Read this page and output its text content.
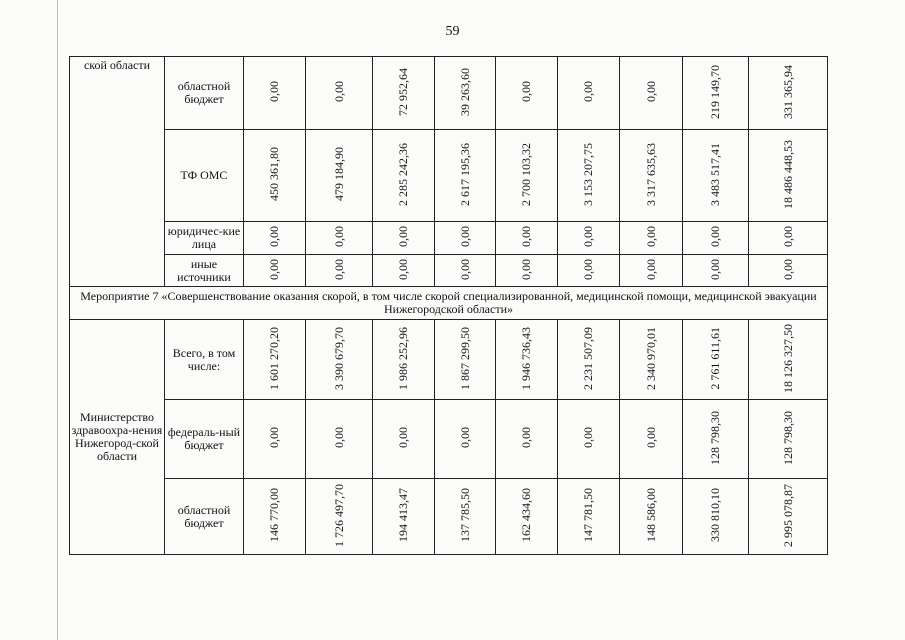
59
ской области	областной бюджет	0,00	0,00	72 952,64	39 263,60	0,00	0,00	0,00	219 149,70	331 365,94
	ТФ ОМС	450 361,80	479 184,90	2 285 242,36	2 617 195,36	2 700 103,32	3 153 207,75	3 317 635,63	3 483 517,41	18 486 448,53
	юридичес-кие лица	0,00	0,00	0,00	0,00	0,00	0,00	0,00	0,00	0,00
	иные источники	0,00	0,00	0,00	0,00	0,00	0,00	0,00	0,00	0,00
Мероприятие 7 «Совершенствование оказания скорой, в том числе скорой специализированной, медицинской помощи, медицинской эвакуации Нижегородской области»										
Министерство здравоохра-нения Нижегород-ской области	Всего, в том числе:	1 601 270,20	3 390 679,70	1 986 252,96	1 867 299,50	1 946 736,43	2 231 507,09	2 340 970,01	2 761 611,61	18 126 327,50
	федераль-ный бюджет	0,00	0,00	0,00	0,00	0,00	0,00	0,00	128 798,30	128 798,30
	областной бюджет	146 770,00	1 726 497,70	194 413,47	137 785,50	162 434,60	147 781,50	148 586,00	330 810,10	2 995 078,87
